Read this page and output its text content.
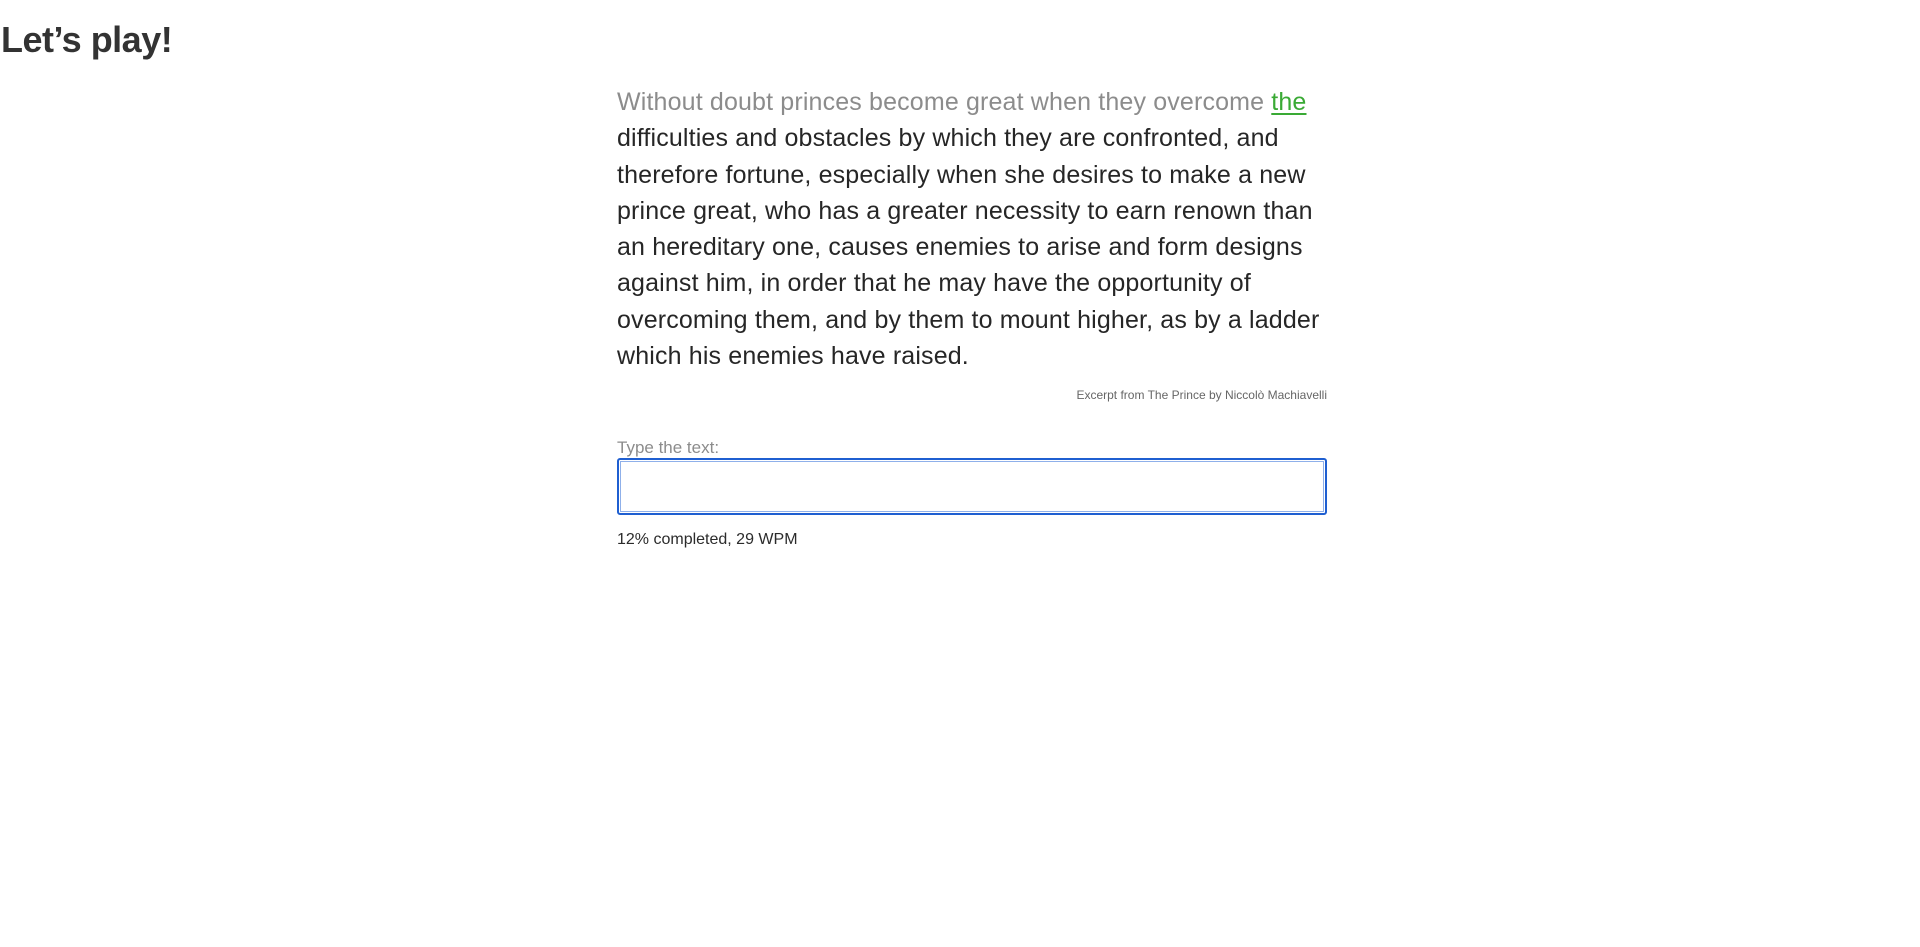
Let’s play!

Without doubt princes become great when they overcome the difficulties and obstacles by which they are confronted, and therefore fortune, especially when she desires to make a new prince great, who has a greater necessity to earn renown than an hereditary one, causes enemies to arise and form designs against him, in order that he may have the opportunity of overcoming them, and by them to mount higher, as by a ladder which his enemies have raised.

Excerpt from The Prince by Niccolò Machiavelli
Type the text:
12% completed, 29 WPM
